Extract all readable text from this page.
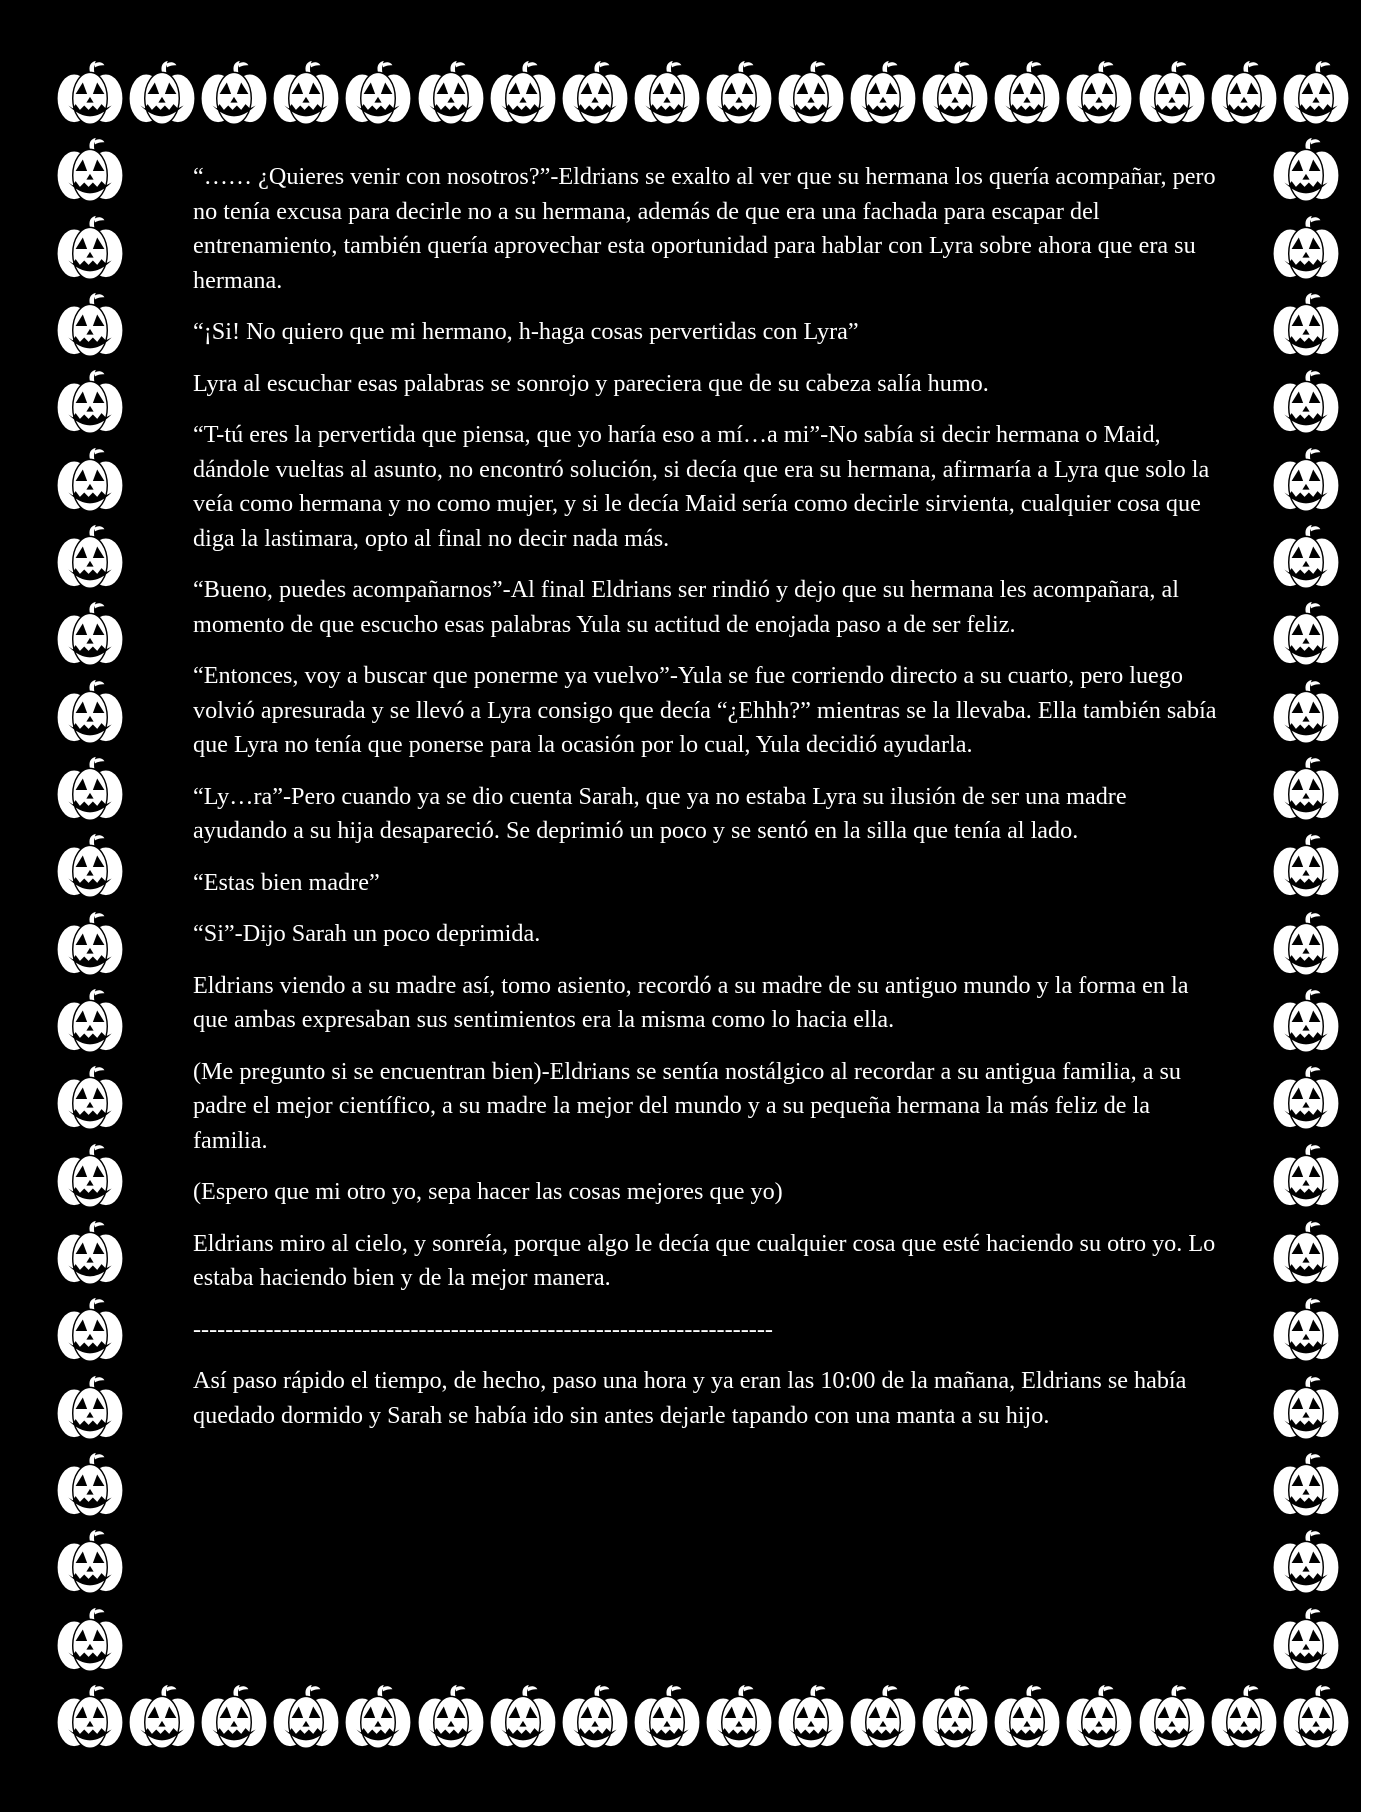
“…… ¿Quieres venir con nosotros?”-Eldrians se exalto al ver que su hermana los quería acompañar, pero no tenía excusa para decirle no a su hermana, además de que era una fachada para escapar del entrenamiento, también quería aprovechar esta oportunidad para hablar con Lyra sobre ahora que era su hermana.

“¡Si! No quiero que mi hermano, h-haga cosas pervertidas con Lyra”

Lyra al escuchar esas palabras se sonrojo y pareciera que de su cabeza salía humo.

“T-tú eres la pervertida que piensa, que yo haría eso a mí…a mi”-No sabía si decir hermana o Maid, dándole vueltas al asunto, no encontró solución, si decía que era su hermana, afirmaría a Lyra que solo la veía como hermana y no como mujer, y si le decía Maid sería como decirle sirvienta, cualquier cosa que diga la lastimara, opto al final no decir nada más.

“Bueno, puedes acompañarnos”-Al final Eldrians ser rindió y dejo que su hermana les acompañara, al momento de que escucho esas palabras Yula su actitud de enojada paso a de ser feliz.

“Entonces, voy a buscar que ponerme ya vuelvo”-Yula se fue corriendo directo a su cuarto, pero luego volvió apresurada y se llevó a Lyra consigo que decía “¿Ehhh?” mientras se la llevaba. Ella también sabía que Lyra no tenía que ponerse para la ocasión por lo cual, Yula decidió ayudarla.

“Ly…ra”-Pero cuando ya se dio cuenta Sarah, que ya no estaba Lyra su ilusión de ser una madre ayudando a su hija desapareció. Se deprimió un poco y se sentó en la silla que tenía al lado.

“Estas bien madre”

“Si”-Dijo Sarah un poco deprimida.

Eldrians viendo a su madre así, tomo asiento, recordó a su madre de su antiguo mundo y la forma en la que ambas expresaban sus sentimientos era la misma como lo hacia ella.

(Me pregunto si se encuentran bien)-Eldrians se sentía nostálgico al recordar a su antigua familia, a su padre el mejor científico, a su madre la mejor del mundo y a su pequeña hermana la más feliz de la familia.

(Espero que mi otro yo, sepa hacer las cosas mejores que yo)

Eldrians miro al cielo, y sonreía, porque algo le decía que cualquier cosa que esté haciendo su otro yo. Lo estaba haciendo bien y de la mejor manera.

------------------------------------------------------------------------

Así paso rápido el tiempo, de hecho, paso una hora y ya eran las 10:00 de la mañana, Eldrians se había quedado dormido y Sarah se había ido sin antes dejarle tapando con una manta a su hijo.
